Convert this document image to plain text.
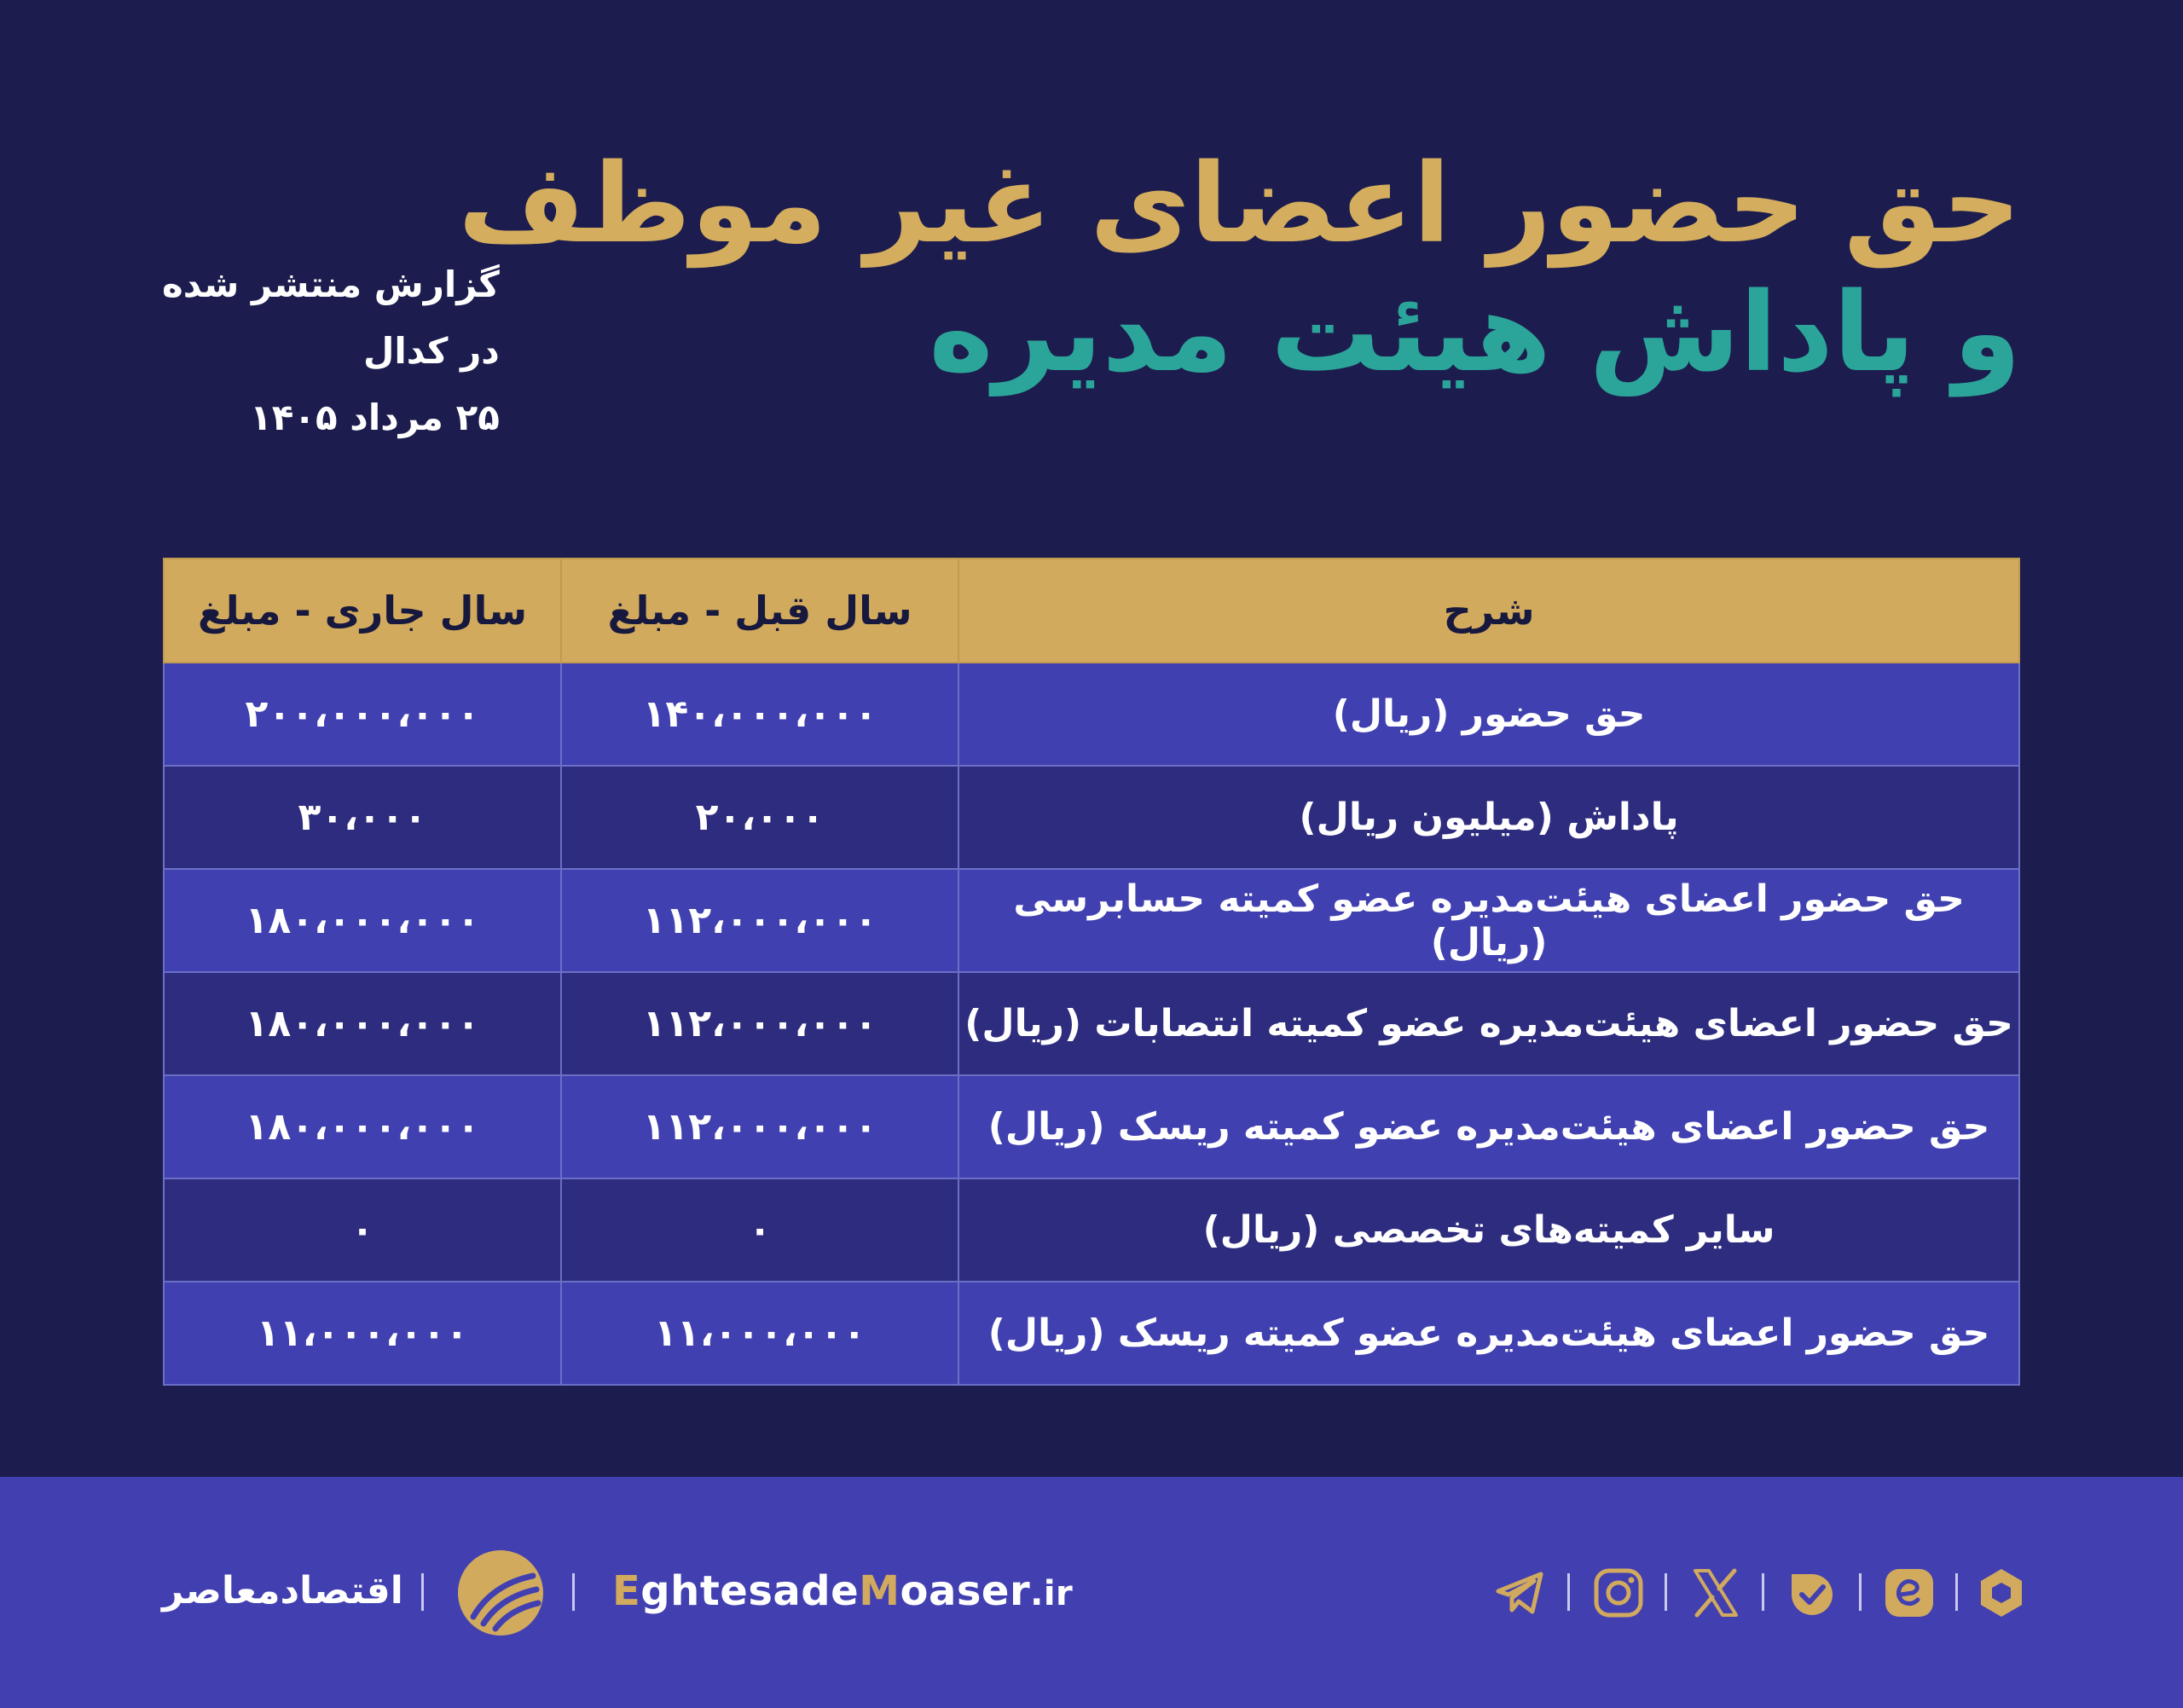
حق حضور اعضای غیر موظف
و پاداش هیئت مدیره
گزارش منتشر شده
در کدال
۲۵ مرداد ۱۴۰۵
شرح	سال قبل - مبلغ	سال جاری - مبلغ
حق حضور (ریال)	۱۴۰،۰۰۰،۰۰۰	۲۰۰،۰۰۰،۰۰۰
پاداش (میلیون ریال)	۲۰،۰۰۰	۳۰،۰۰۰
حق حضور اعضای هیئت‌مدیره عضو کمیته حسابرسی (ریال)	۱۱۲،۰۰۰،۰۰۰	۱۸۰،۰۰۰،۰۰۰
حق حضور اعضای هیئت‌مدیره عضو کمیته انتصابات (ریال)	۱۱۲،۰۰۰،۰۰۰	۱۸۰،۰۰۰،۰۰۰
حق حضور اعضای هیئت‌مدیره عضو کمیته ریسک (ریال)	۱۱۲،۰۰۰،۰۰۰	۱۸۰،۰۰۰،۰۰۰
سایر کمیته‌های تخصصی (ریال)	۰	۰
حق حضور اعضای هیئت‌مدیره عضو کمیته ریسک (ریال)	۱۱،۰۰۰،۰۰۰	۱۱،۰۰۰،۰۰۰
اقتصادمعاصر	EghtesadeMoaser.ir
